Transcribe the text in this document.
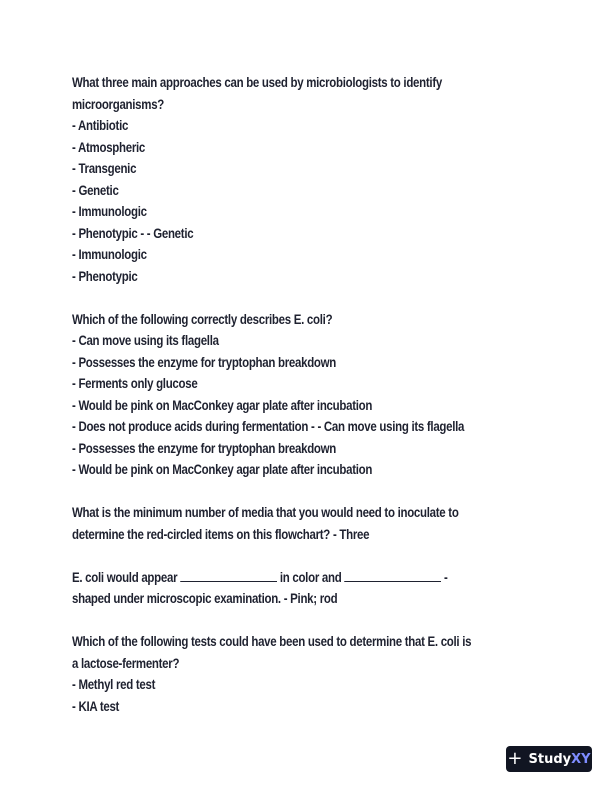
What three main approaches can be used by microbiologists to identify
microorganisms?
- Antibiotic
- Atmospheric
- Transgenic
- Genetic
- Immunologic
- Phenotypic - - Genetic
- Immunologic
- Phenotypic
Which of the following correctly describes E. coli?
- Can move using its flagella
- Possesses the enzyme for tryptophan breakdown
- Ferments only glucose
- Would be pink on MacConkey agar plate after incubation
- Does not produce acids during fermentation - - Can move using its flagella
- Possesses the enzyme for tryptophan breakdown
- Would be pink on MacConkey agar plate after incubation
What is the minimum number of media that you would need to inoculate to
determine the red-circled items on this flowchart? - Three
E. coli would appear	in color and	-
shaped under microscopic examination. - Pink; rod
Which of the following tests could have been used to determine that E. coli is
a lactose-fermenter?
- Methyl red test
- KIA test
+ StudyXY
